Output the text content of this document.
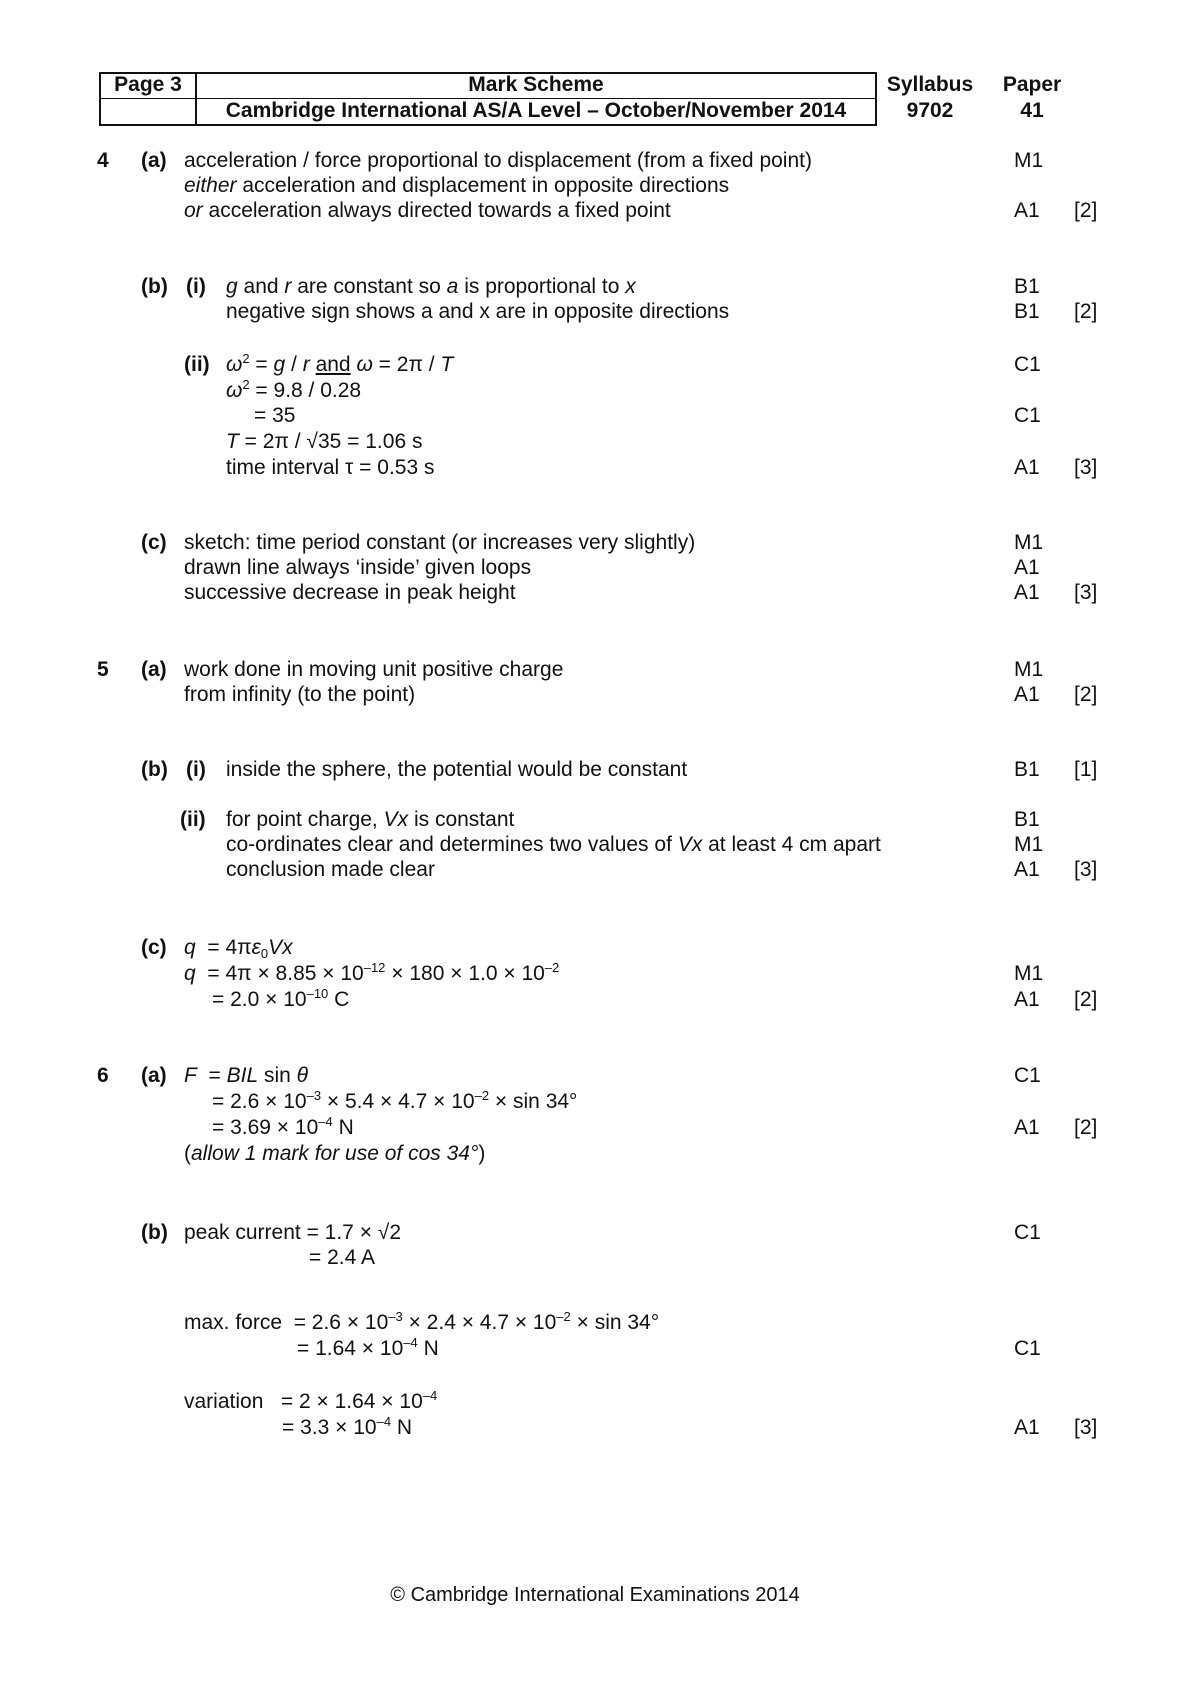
Page 3	Mark Scheme
Cambridge International AS/A Level – October/November 2014
Syllabus
9702
Paper
41
4 (a) acceleration / force proportional to displacement (from a fixed point)
either acceleration and displacement in opposite directions
or acceleration always directed towards a fixed point
M1
A1 [2]
(b) (i) g and r are constant so a is proportional to x
negative sign shows a and x are in opposite directions
B1
B1 [2]
(ii) $\omega^2 = g / r$ and ω = 2π / T
$\omega^2 = 9.8 / 0.28$
= 35
T = 2π / √35 = 1.06 s
time interval τ = 0.53 s
C1
C1
A1 [3]
(c) sketch: time period constant (or increases very slightly)
drawn line always ‘inside’ given loops
successive decrease in peak height
M1
A1
A1 [3]
5 (a) work done in moving unit positive charge
from infinity (to the point)
M1
A1 [2]
(b) (i) inside the sphere, the potential would be constant	B1 [1]
(ii) for point charge, Vx is constant
co-ordinates clear and determines two values of Vx at least 4 cm apart
conclusion made clear
B1
M1
A1 [3]
(c) $q = 4\pi\varepsilon_0Vx$
$q = 4\pi \times 8.85 \times 10^{-12} \times 180 \times 1.0 \times 10^{-2}$
= $2.0 \times 10^{-10}$ C
M1
A1 [2]
6 (a) F  = BIL sin θ
= $2.6 \times 10^{-3} \times 5.4 \times 4.7 \times 10^{-2} \times \sin 34^\circ$
= $3.69 \times 10^{-4}$ N
(allow 1 mark for use of cos 34°)
C1
A1 [2]
(b) peak current = 1.7 × √2
= 2.4 A
max. force  = $2.6 \times 10^{-3} \times 2.4 \times 4.7 \times 10^{-2} \times \sin 34^\circ$
= $1.64 \times 10^{-4}$ N
variation   = $2 \times 1.64 \times 10^{-4}$
= $3.3 \times 10^{-4}$ N
C1
C1
A1 [3]
© Cambridge International Examinations 2014
